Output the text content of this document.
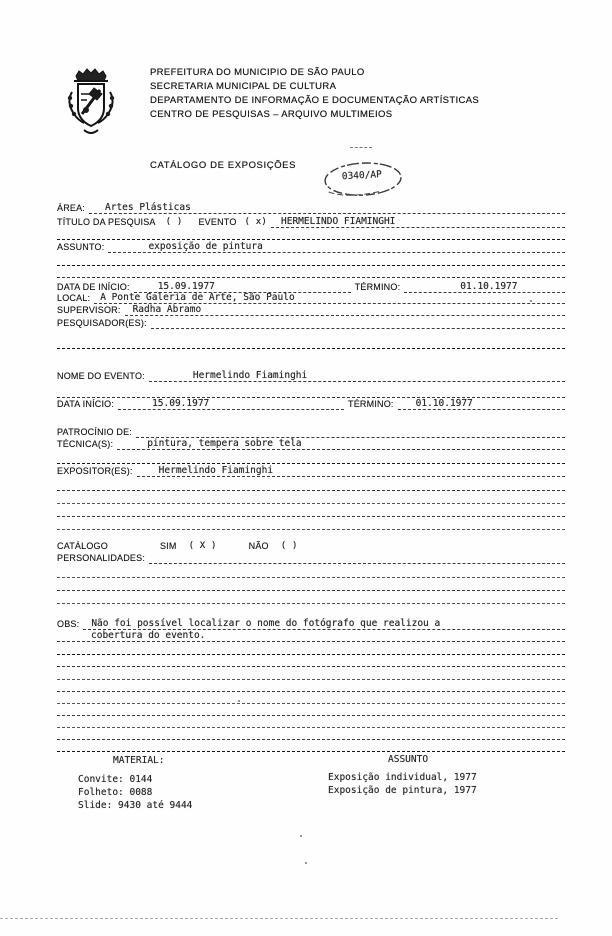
PREFEITURA DO MUNICIPIO DE SÃO PAULO
SECRETARIA MUNICIPAL DE CULTURA
DEPARTAMENTO DE INFORMAÇÃO E DOCUMENTAÇÃO ARTÍSTICAS
CENTRO DE PESQUISAS – ARQUIVO MULTIMEIOS
CATÁLOGO DE EXPOSIÇÕES
0340/AP
ÁREA:	Artes Plásticas
TÍTULO DA PESQUISA	( )	EVENTO ( x)	HERMELINDO FIAMINGHI
ASSUNTO:	exposição de pintura
DATA DE INÍCIO:	15.09.1977	TÉRMINO:	01.10.1977
LOCAL:	A Ponte Galeria de Arte, São Paulo
SUPERVISOR:	Radha Abramo
PESQUISADOR(ES):
NOME DO EVENTO:	Hermelindo Fiaminghi
DATA INÍCIO:	15.09.1977	TÉRMINO:	01.10.1977
PATROCÍNIO DE:
TÉCNICA(S):	pintura, tempera sobre tela
EXPOSITOR(ES):	Hermelindo Fiaminghi
CATÁLOGO	SIM	( X )	NÃO	( )
PERSONALIDADES:
OBS:	Não foi possível localizar o nome do fotógrafo que realizou a
cobertura do evento.
MATERIAL:
Convite: 0144
Folheto: 0088
Slide: 9430 até 9444
ASSUNTO
Exposição individual, 1977
Exposição de pintura, 1977
